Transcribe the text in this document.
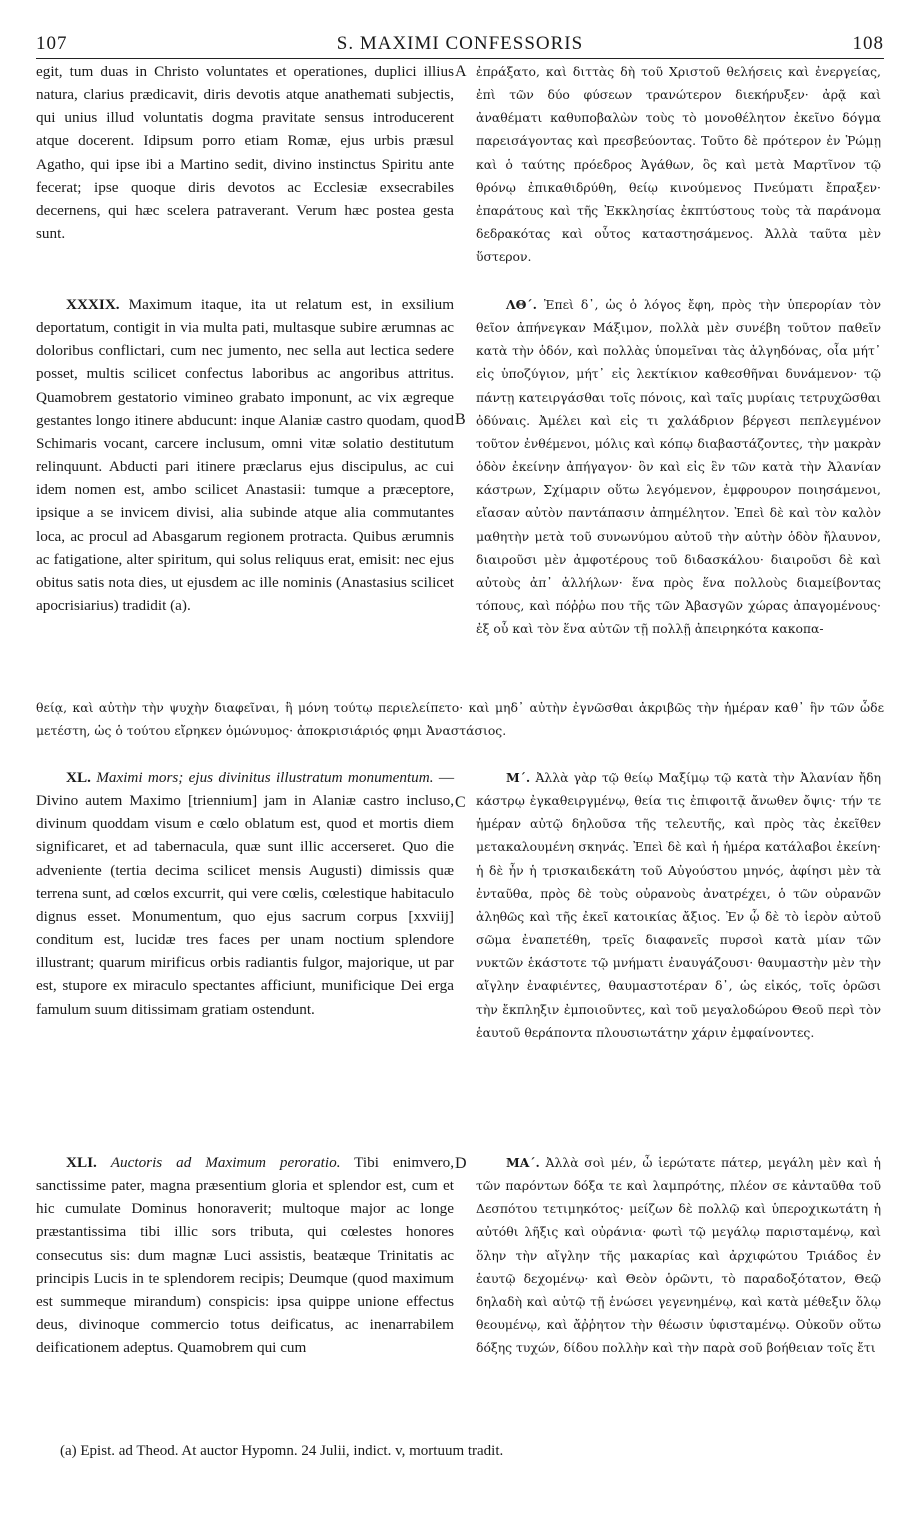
107	S. MAXIMI CONFESSORIS	108

egit, tum duas in Christo voluntates et operationes, duplici illius natura, clarius prædicavit, diris devotis atque anathemati subjectis, qui unius illud voluntatis dogma pravitate sensus introducerent atque docerent. Idipsum porro etiam Romæ, ejus urbis præsul Agatho, qui ipse ibi a Martino sedit, divino instinctus Spiritu ante fecerat; ipse quoque diris devotos ac Ecclesiæ exsecrabiles decernens, qui hæc scelera patraverant. Verum hæc postea gesta sunt.

XXXIX. Maximum itaque, ita ut relatum est, in exsilium deportatum, contigit in via multa pati, multasque subire ærumnas ac doloribus conflictari, cum nec jumento, nec sella aut lectica sedere posset, multis scilicet confectus laboribus ac angoribus attritus. Quamobrem gestatorio vimineo grabato imponunt, ac vix ægreque gestantes longo itinere abducunt: inque Alaniæ castro quodam, quod Schimaris vocant, carcere inclusum, omni vitæ solatio destitutum relinquunt. Abducti pari itinere præclarus ejus discipulus, ac cui idem nomen est, ambo scilicet Anastasii: tumque a præceptore, ipsique a se invicem divisi, alia subinde atque alia commutantes loca, ac procul ad Abasgarum regionem protracta. Quibus ærumnis ac fatigatione, alter spiritum, qui solus reliquus erat, emisit: nec ejus obitus satis nota dies, ut ejusdem ac ille nominis (Anastasius scilicet apocrisiarius) tradidit (a).

XL. Maximi mors; ejus divinitus illustratum monumentum. — Divino autem Maximo [triennium] jam in Alaniæ castro incluso, divinum quoddam visum e cœlo oblatum est, quod et mortis diem significaret, et ad tabernacula, quæ sunt illic accerseret. Quo die adveniente (tertia decima scilicet mensis Augusti) dimissis quæ terrena sunt, ad cœlos excurrit, qui vere cœlis, cœlestique habitaculo dignus esset. Monumentum, quo ejus sacrum corpus [xxviij] conditum est, lucidæ tres faces per unam noctium splendore illustrant; quarum mirificus orbis radiantis fulgor, majorique, ut par est, stupore ex miraculo spectantes afficiunt, munificique Dei erga famulum suum ditissimam gratiam ostendunt.

XLI. Auctoris ad Maximum peroratio. Tibi enimvero, sanctissime pater, magna præsentium gloria et splendor est, cum et hic cumulate Dominus honoraverit; multoque major ac longe præstantissima tibi illic sors tributa, qui cœlestes honores consecutus sis: dum magnæ Luci assistis, beatæque Trinitatis ac principis Lucis in te splendorem recipis; Deumque (quod maximum est summeque mirandum) conspicis: ipsa quippe unione effectus deus, divinoque commercio totus deificatus, ac inenarrabilem deificationem adeptus. Quamobrem qui cum

A
B
C
D

ἐπράξατο, καὶ διττὰς δὴ τοῦ Χριστοῦ θελήσεις καὶ ἐνεργείας, ἐπὶ τῶν δύο φύσεων τρανώτερον διεκήρυξεν· ἀρᾷ καὶ ἀναθέματι καθυποβαλὼν τοὺς τὸ μονοθέλητον ἐκεῖνο δόγμα παρεισάγοντας καὶ πρεσβεύοντας. Τοῦτο δὲ πρότερον ἐν Ῥώμῃ καὶ ὁ ταύτης πρόεδρος Ἀγάθων, ὃς καὶ μετὰ Μαρτῖνον τῷ θρόνῳ ἐπικαθιδρύθη, θείῳ κινούμενος Πνεύματι ἔπραξεν· ἐπαράτους καὶ τῆς Ἐκκλησίας ἐκπτύστους τοὺς τὰ παράνομα δεδρακότας καὶ οὗτος καταστησάμενος. Ἀλλὰ ταῦτα μὲν ὕστερον.

ΛΘ΄. Ἐπεὶ δ᾽, ὡς ὁ λόγος ἔφη, πρὸς τὴν ὑπερορίαν τὸν θεῖον ἀπήνεγκαν Μάξιμον, πολλὰ μὲν συνέβη τοῦτον παθεῖν κατὰ τὴν ὁδόν, καὶ πολλὰς ὑπομεῖναι τὰς ἀλγηδόνας, οἷα μήτ᾽ εἰς ὑποζύγιον, μήτ᾽ εἰς λεκτίκιον καθεσθῆναι δυνάμενον· τῷ πάντῃ κατειργάσθαι τοῖς πόνοις, καὶ ταῖς μυρίαις τετρυχῶσθαι ὀδύναις. Ἀμέλει καὶ εἰς τι χαλάδριον βέργεσι πεπλεγμένον τοῦτον ἐνθέμενοι, μόλις καὶ κόπῳ διαβαστάζοντες, τὴν μακρὰν ὁδὸν ἐκείνην ἀπήγαγον· ὃν καὶ εἰς ἓν τῶν κατὰ τὴν Ἀλανίαν κάστρων, Σχίμαριν οὕτω λεγόμενον, ἐμφρουρον ποιησάμενοι, εἴασαν αὐτὸν παντάπασιν ἀπημέλητον. Ἐπεὶ δὲ καὶ τὸν καλὸν μαθητὴν μετὰ τοῦ συνωνύμου αὐτοῦ τὴν αὐτὴν ὁδὸν ἤλαυνον, διαιροῦσι μὲν ἀμφοτέρους τοῦ διδασκάλου· διαιροῦσι δὲ καὶ αὐτοὺς ἀπ᾽ ἀλλήλων· ἕνα πρὸς ἕνα πολλοὺς διαμείβοντας τόπους, καὶ πόῤῥω που τῆς τῶν Ἀβασγῶν χώρας ἀπαγομένους· ἐξ οὗ καὶ τὸν ἕνα αὐτῶν τῇ πολλῇ ἀπειρηκότα κακοπα-

θείᾳ, καὶ αὐτὴν τὴν ψυχὴν διαφεῖναι, ἣ μόνη τούτῳ περιελείπετο· καὶ μηδ᾽ αὐτὴν ἐγνῶσθαι ἀκριβῶς τὴν ἡμέραν καθ᾽ ἣν τῶν ὧδε μετέστη, ὡς ὁ τούτου εἴρηκεν ὁμώνυμος· ἀποκρισιάριός φημι Ἀναστάσιος.

Μ΄. Ἀλλὰ γὰρ τῷ θείῳ Μαξίμῳ τῷ κατὰ τὴν Ἀλανίαν ἤδη κάστρῳ ἐγκαθειργμένῳ, θεία τις ἐπιφοιτᾷ ἄνωθεν ὄψις· τήν τε ἡμέραν αὐτῷ δηλοῦσα τῆς τελευτῆς, καὶ πρὸς τὰς ἐκεῖθεν μετακαλουμένη σκηνάς. Ἐπεὶ δὲ καὶ ἡ ἡμέρα κατάλαβοι ἐκείνη· ἡ δὲ ἦν ἡ τρισκαιδεκάτη τοῦ Αὐγούστου μηνός, ἀφίησι μὲν τὰ ἐνταῦθα, πρὸς δὲ τοὺς οὐρανοὺς ἀνατρέχει, ὁ τῶν οὐρανῶν ἀληθῶς καὶ τῆς ἐκεῖ κατοικίας ἄξιος. Ἐν ᾧ δὲ τὸ ἱερὸν αὐτοῦ σῶμα ἐναπετέθη, τρεῖς διαφανεῖς πυρσοὶ κατὰ μίαν τῶν νυκτῶν ἑκάστοτε τῷ μνήματι ἐναυγάζουσι· θαυμαστὴν μὲν τὴν αἴγλην ἐναφιέντες, θαυμαστοτέραν δ᾽, ὡς εἰκός, τοῖς ὁρῶσι τὴν ἔκπληξιν ἐμποιοῦντες, καὶ τοῦ μεγαλοδώρου Θεοῦ περὶ τὸν ἑαυτοῦ θεράποντα πλουσιωτάτην χάριν ἐμφαίνοντες.

ΜΑ΄. Ἀλλὰ σοὶ μέν, ὦ ἱερώτατε πάτερ, μεγάλη μὲν καὶ ἡ τῶν παρόντων δόξα τε καὶ λαμπρότης, πλέον σε κἀνταῦθα τοῦ Δεσπότου τετιμηκότος· μείζων δὲ πολλῷ καὶ ὑπεροχικωτάτη ἡ αὐτόθι λῆξις καὶ οὐράνια· φωτὶ τῷ μεγάλῳ παρισταμένῳ, καὶ ὅλην τὴν αἴγλην τῆς μακαρίας καὶ ἀρχιφώτου Τριάδος ἐν ἑαυτῷ δεχομένῳ· καὶ Θεὸν ὁρῶντι, τὸ παραδοξότατον, Θεῷ δηλαδὴ καὶ αὐτῷ τῇ ἑνώσει γεγενημένῳ, καὶ κατὰ μέθεξιν ὅλῳ θεουμένῳ, καὶ ἄῤῥητον τὴν θέωσιν ὑφισταμένῳ. Οὐκοῦν οὕτω δόξης τυχών, δίδου πολλὴν καὶ τὴν παρὰ σοῦ βοήθειαν τοῖς ἔτι

(a) Epist. ad Theod. At auctor Hypomn. 24 Julii, indict. v, mortuum tradit.
